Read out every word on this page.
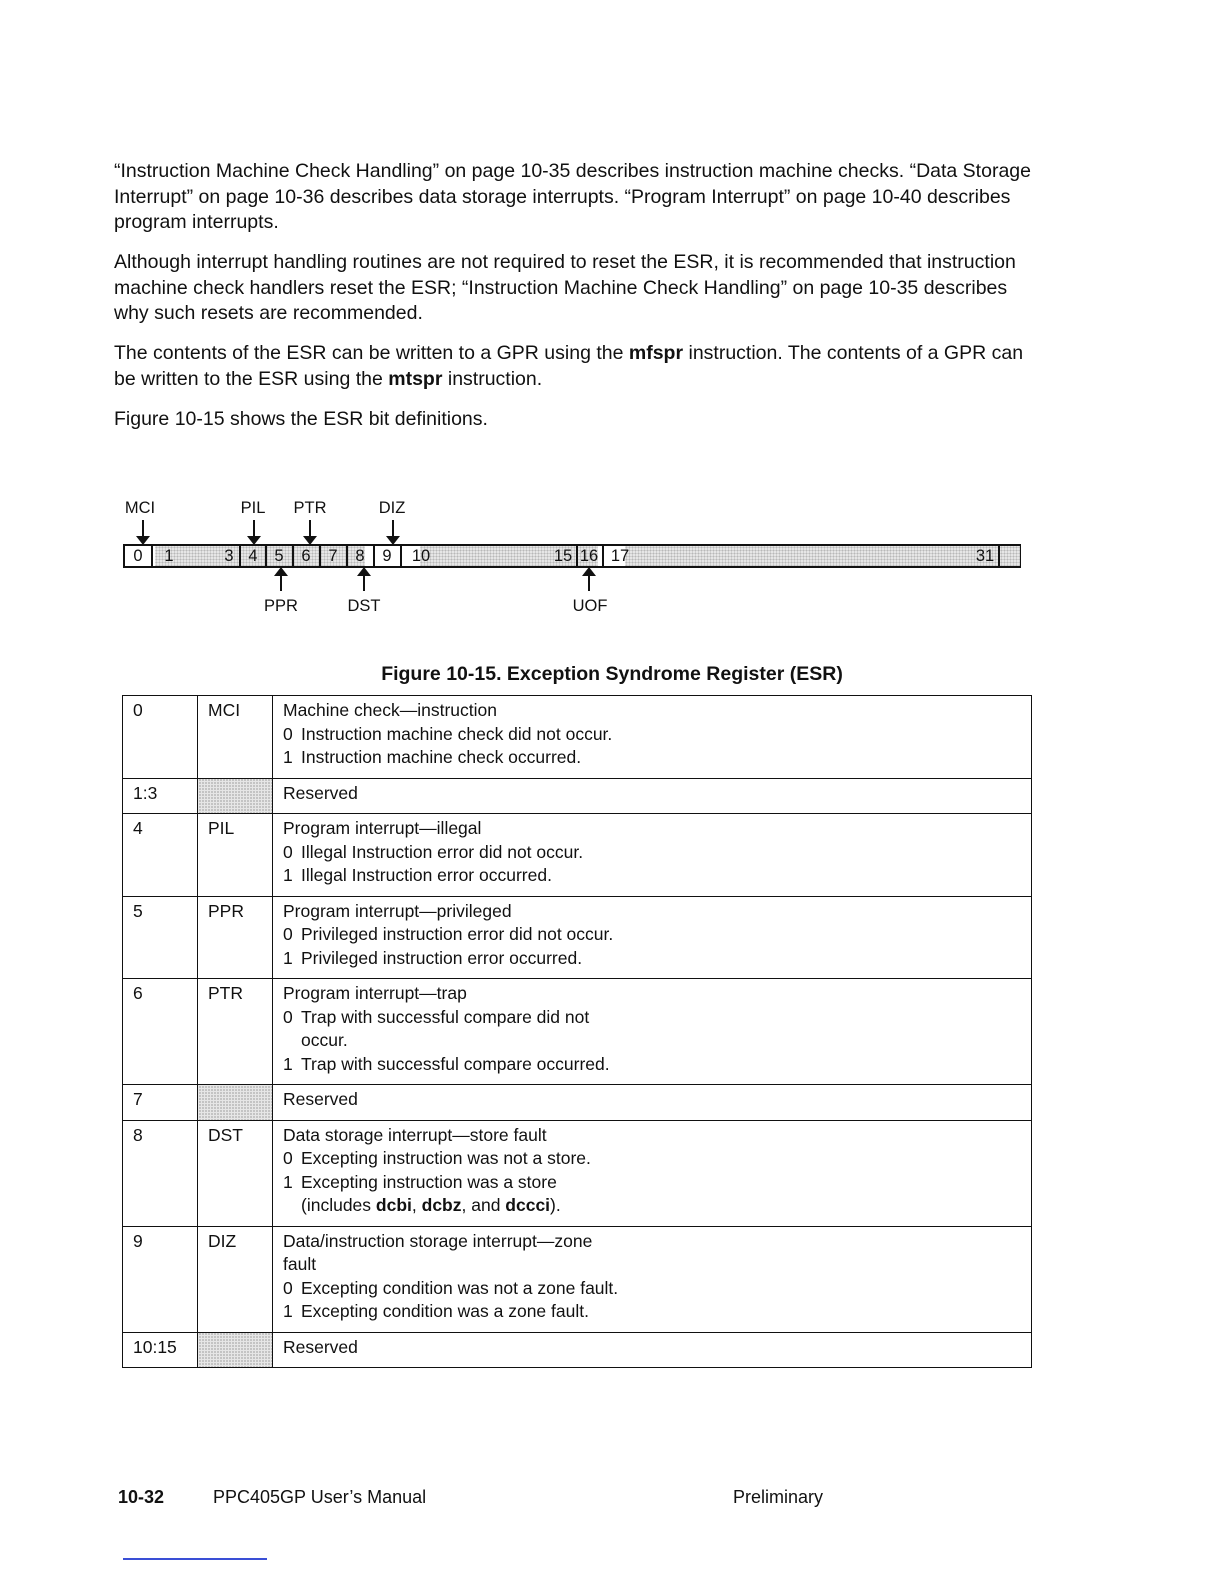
“Instruction Machine Check Handling” on page 10-35 describes instruction machine checks. “Data Storage Interrupt” on page 10-36 describes data storage interrupts. “Program Interrupt” on page 10-40 describes program interrupts.

Although interrupt handling routines are not required to reset the ESR, it is recommended that instruction machine check handlers reset the ESR; “Instruction Machine Check Handling” on page 10-35 describes why such resets are recommended.

The contents of the ESR can be written to a GPR using the mfspr instruction. The contents of a GPR can be written to the ESR using the mtspr instruction.

Figure 10-15 shows the ESR bit definitions.

MCI	PIL PTR	DIZ
0 1	3 4 5 6 7 8 9 10	15 16 17	31
PPR	DST	UOF
Figure 10-15. Exception Syndrome Register (ESR)
0	MCI	Machine check—instruction
0 Instruction machine check did not occur.
1 Instruction machine check occurred.

1:3		Reserved

4	PIL	Program interrupt—illegal
0 Illegal Instruction error did not occur.
1 Illegal Instruction error occurred.

5	PPR	Program interrupt—privileged
0 Privileged instruction error did not occur.
1 Privileged instruction error occurred.

6	PTR	Program interrupt—trap
0 Trap with successful compare did not
occur.
1 Trap with successful compare occurred.

7		Reserved

8	DST	Data storage interrupt—store fault
0 Excepting instruction was not a store.
1 Excepting instruction was a store
(includes dcbi, dcbz, and dccci).

9	DIZ	Data/instruction storage interrupt—zone
fault
0 Excepting condition was not a zone fault.
1 Excepting condition was a zone fault.

10:15		Reserved
10-32	PPC405GP User’s Manual	Preliminary
